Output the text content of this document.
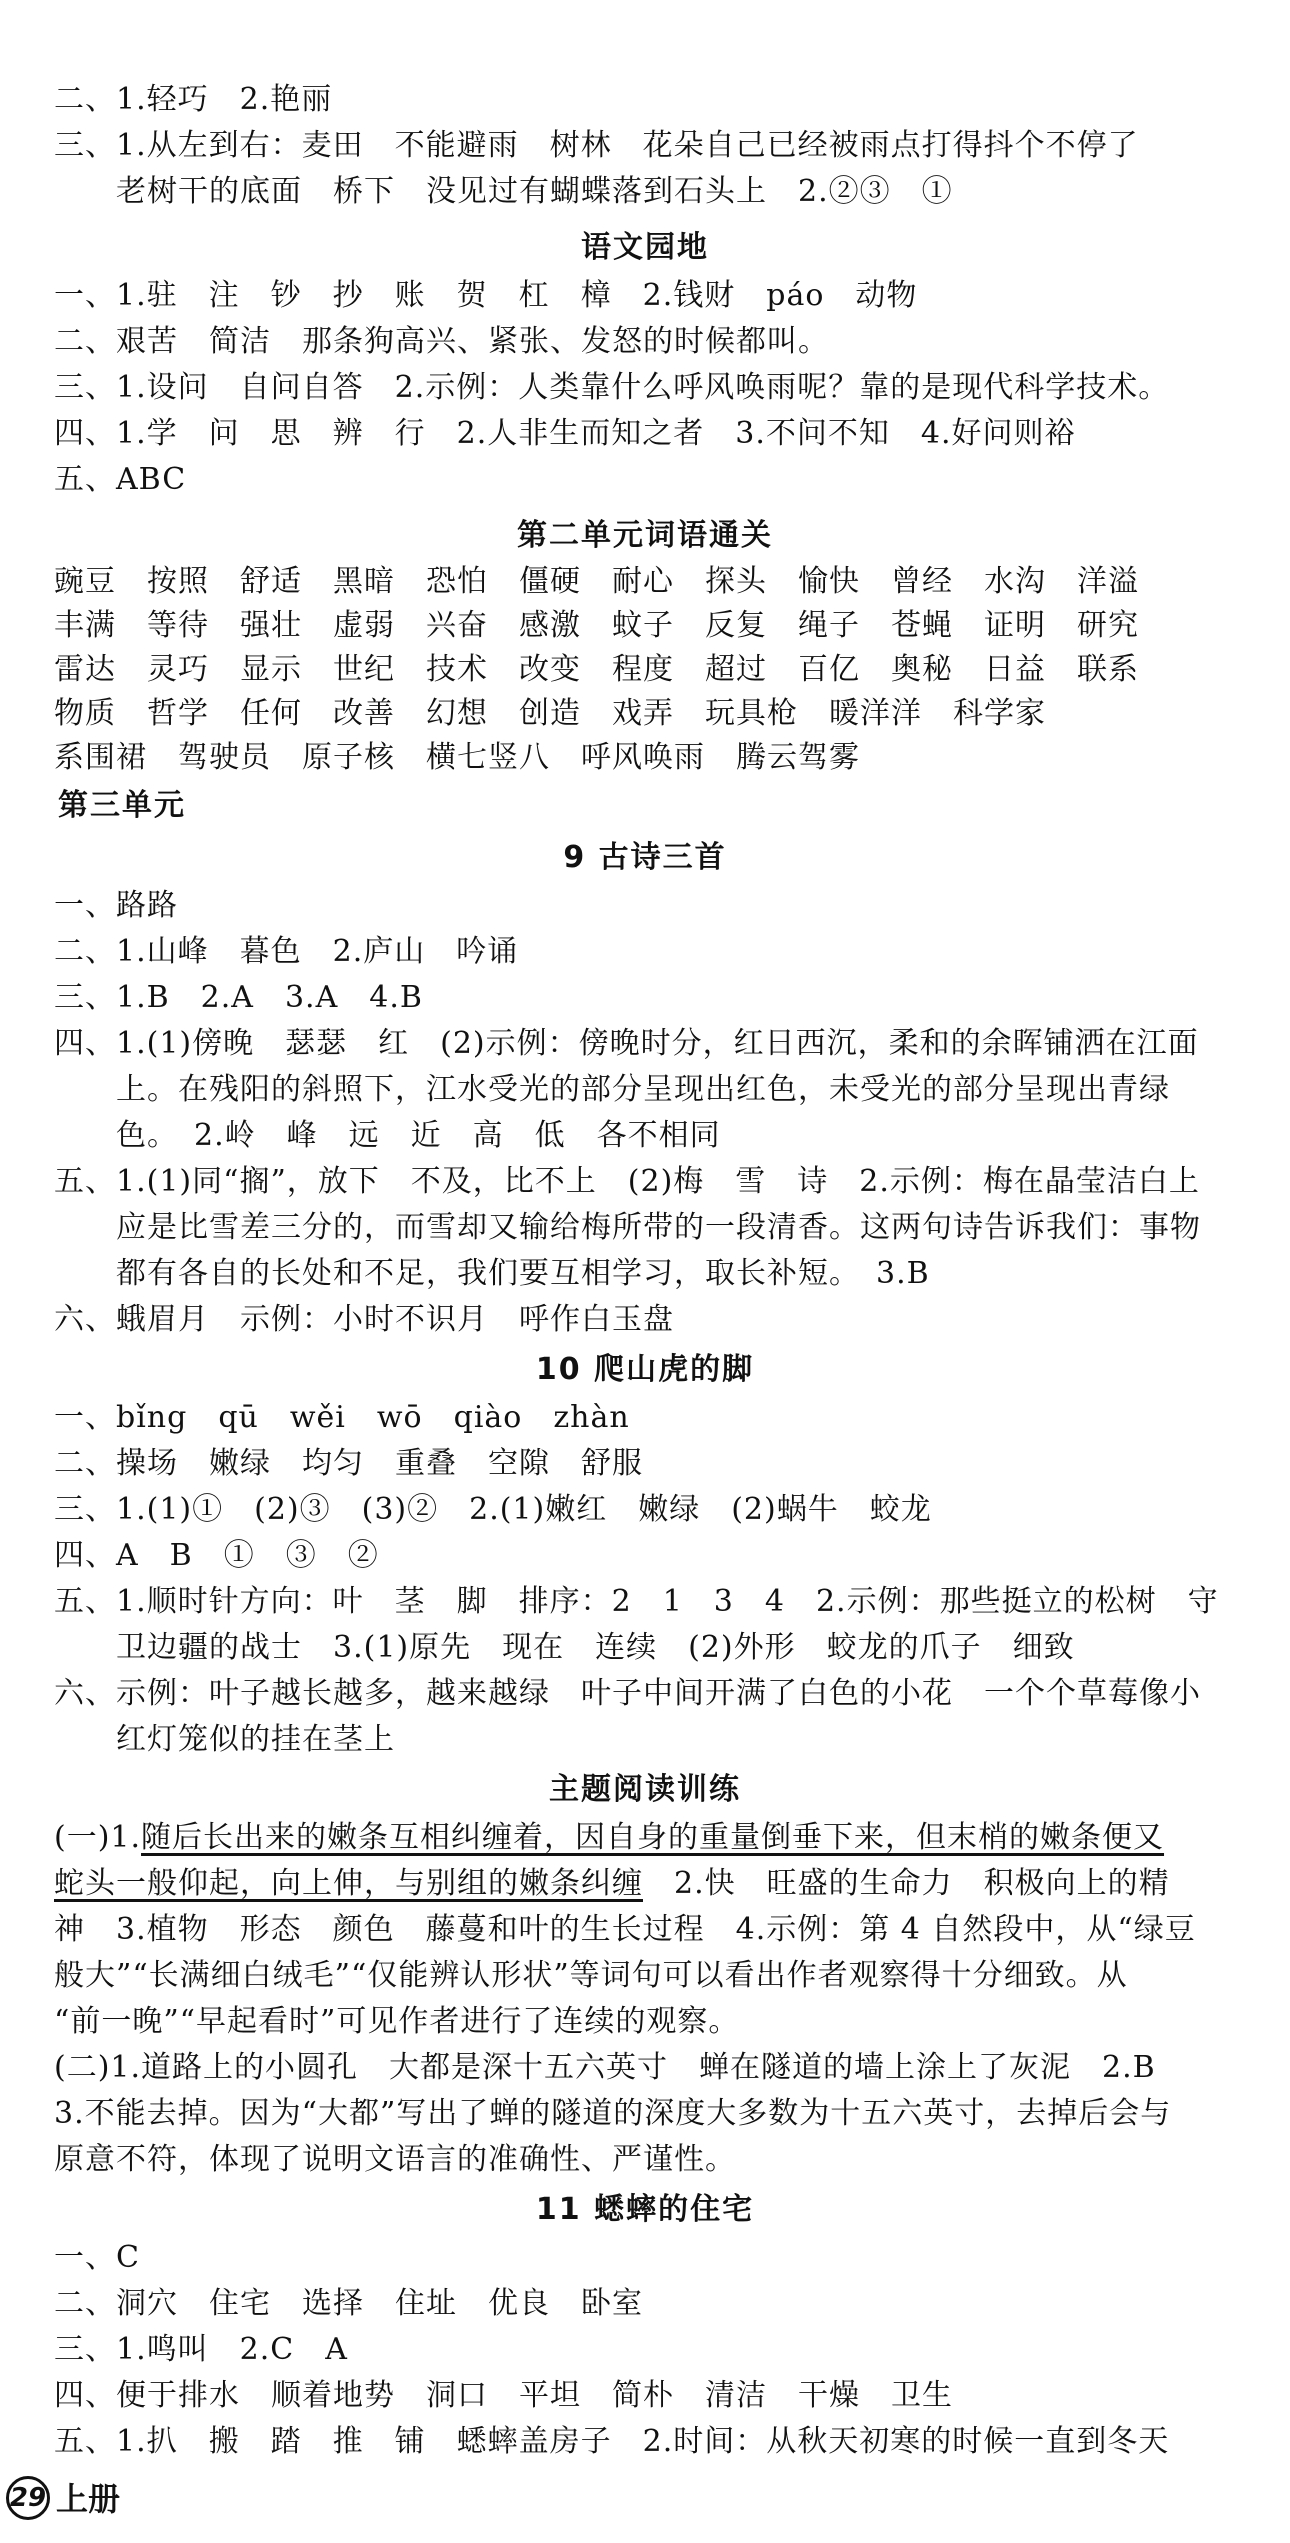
二、1.轻巧　2.艳丽
三、1.从左到右：麦田　不能避雨　树林　花朵自己已经被雨点打得抖个不停了
　　老树干的底面　桥下　没见过有蝴蝶落到石头上　2.②③　①
语文园地
一、1.驻　注　钞　抄　账　贺　杠　樟　2.钱财　páo　动物
二、艰苦　简洁　那条狗高兴、紧张、发怒的时候都叫。
三、1.设问　自问自答　2.示例：人类靠什么呼风唤雨呢？靠的是现代科学技术。
四、1.学　问　思　辨　行　2.人非生而知之者　3.不问不知　4.好问则裕
五、ABC
第二单元词语通关
豌豆　按照　舒适　黑暗　恐怕　僵硬　耐心　探头　愉快　曾经　水沟　洋溢
丰满　等待　强壮　虚弱　兴奋　感激　蚊子　反复　绳子　苍蝇　证明　研究
雷达　灵巧　显示　世纪　技术　改变　程度　超过　百亿　奥秘　日益　联系
物质　哲学　任何　改善　幻想　创造　戏弄　玩具枪　暖洋洋　科学家
系围裙　驾驶员　原子核　横七竖八　呼风唤雨　腾云驾雾
第三单元
9 古诗三首
一、路路
二、1.山峰　暮色　2.庐山　吟诵
三、1.B　2.A　3.A　4.B
四、1.(1)傍晚　瑟瑟　红　(2)示例：傍晚时分，红日西沉，柔和的余晖铺洒在江面
　　上。在残阳的斜照下，江水受光的部分呈现出红色，未受光的部分呈现出青绿
　　色。　2.岭　峰　远　近　高　低　各不相同
五、1.(1)同“搁”，放下　不及，比不上　(2)梅　雪　诗　2.示例：梅在晶莹洁白上
　　应是比雪差三分的，而雪却又输给梅所带的一段清香。这两句诗告诉我们：事物
　　都有各自的长处和不足，我们要互相学习，取长补短。　3.B
六、蛾眉月　示例：小时不识月　呼作白玉盘
10 爬山虎的脚
一、bǐng　qū　wěi　wō　qiào　zhàn
二、操场　嫩绿　均匀　重叠　空隙　舒服
三、1.(1)①　(2)③　(3)②　2.(1)嫩红　嫩绿　(2)蜗牛　蛟龙
四、A　B　①　③　②
五、1.顺时针方向：叶　茎　脚　排序：2　1　3　4　2.示例：那些挺立的松树　守
　　卫边疆的战士　3.(1)原先　现在　连续　(2)外形　蛟龙的爪子　细致
六、示例：叶子越长越多，越来越绿　叶子中间开满了白色的小花　一个个草莓像小
　　红灯笼似的挂在茎上
主题阅读训练
(一)1.随后长出来的嫩条互相纠缠着，因自身的重量倒垂下来，但末梢的嫩条便又
蛇头一般仰起，向上伸，与别组的嫩条纠缠　2.快　旺盛的生命力　积极向上的精
神　3.植物　形态　颜色　藤蔓和叶的生长过程　4.示例：第 4 自然段中，从“绿豆
般大”“长满细白绒毛”“仅能辨认形状”等词句可以看出作者观察得十分细致。从
“前一晚”“早起看时”可见作者进行了连续的观察。
(二)1.道路上的小圆孔　大都是深十五六英寸　蝉在隧道的墙上涂上了灰泥　2.B
3.不能去掉。因为“大都”写出了蝉的隧道的深度大多数为十五六英寸，去掉后会与
原意不符，体现了说明文语言的准确性、严谨性。
11 蟋蟀的住宅
一、C
二、洞穴　住宅　选择　住址　优良　卧室
三、1.鸣叫　2.C　A
四、便于排水　顺着地势　洞口　平坦　简朴　清洁　干燥　卫生
五、1.扒　搬　踏　推　铺　蟋蟀盖房子　2.时间：从秋天初寒的时候一直到冬天
29 上册
